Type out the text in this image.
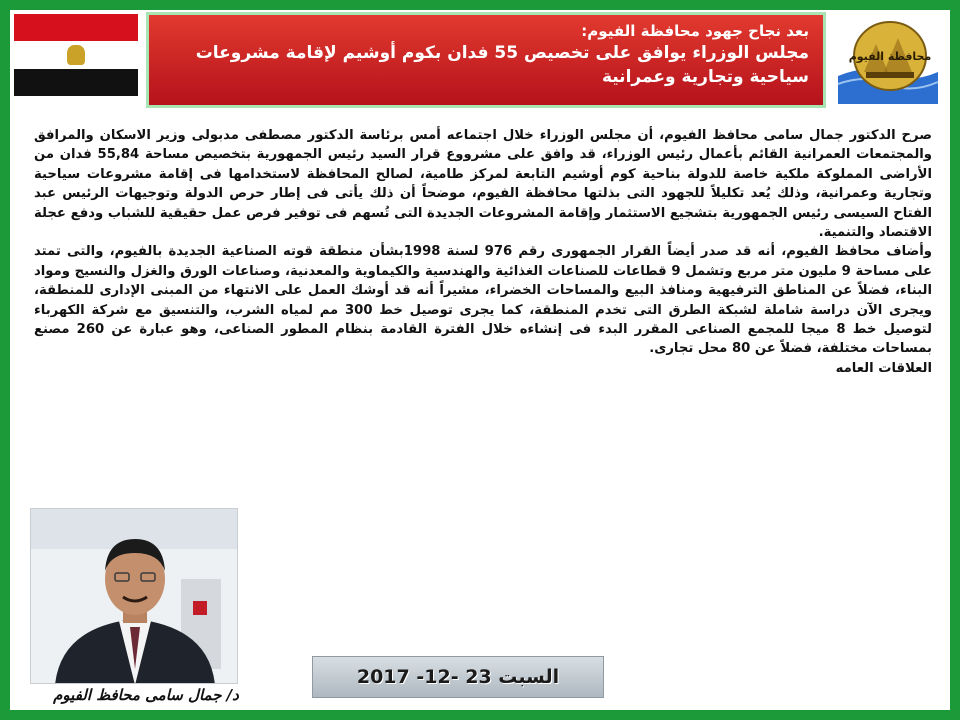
بعد نجاح جهود محافظة الفيوم:
مجلس الوزراء يوافق على تخصيص 55 فدان بكوم أوشيم لإقامة مشروعات سياحية وتجارية وعمرانية
محافظة الفيوم

صرح الدكتور جمال سامى محافظ الفيوم، أن مجلس الوزراء خلال اجتماعه أمس برئاسة الدكتور مصطفى مدبولى وزير الاسكان والمرافق والمجتمعات العمرانية القائم بأعمال رئيس الوزراء، قد وافق على مشرووع قرار السيد رئيس الجمهورية بتخصيص مساحة 55,84 فدان من الأراضى المملوكة ملكية خاصة للدولة بناحية كوم أوشيم التابعة لمركز طامية، لصالح المحافظة لاستخدامها فى إقامة مشروعات سياحية وتجارية وعمرانية، وذلك يُعد تكليلاً للجهود التى بذلتها محافظة الفيوم، موضحاً أن ذلك يأتى فى إطار حرص الدولة وتوجيهات الرئيس عبد الفتاح السيسى رئيس الجمهورية بتشجيع الاستثمار وإقامة المشروعات الجديدة التى تُسهم فى توفير فرص عمل حقيقية للشباب ودفع عجلة الاقتصاد والتنمية.

وأضاف محافظ الفيوم، أنه قد صدر أيضاً القرار الجمهورى رقم 976 لسنة 1998بشأن منطقة قوته الصناعية الجديدة بالفيوم، والتى تمتد على مساحة 9 مليون متر مربع وتشمل 9 قطاعات للصناعات الغذائية والهندسية والكيماوية والمعدنية، وصناعات الورق والغزل والنسيج ومواد البناء، فضلاً عن المناطق الترفيهية ومنافذ البيع والمساحات الخضراء، مشيراً أنه قد أوشك العمل على الانتهاء من المبنى الإدارى للمنطقة، ويجرى الآن دراسة شاملة لشبكة الطرق التى تخدم المنطقة، كما يجرى توصيل خط 300 مم لمياه الشرب، والتنسيق مع شركة الكهرباء لتوصيل خط 8 ميجا للمجمع الصناعى المقرر البدء فى إنشاءه خلال الفترة القادمة بنظام المطور الصناعى، وهو عبارة عن 260 مصنع بمساحات مختلفة، فضلاً عن 80 محل تجارى.

العلاقات العامه

د/ جمال سامى محافظ الفيوم
السبت 23 -12- 2017
